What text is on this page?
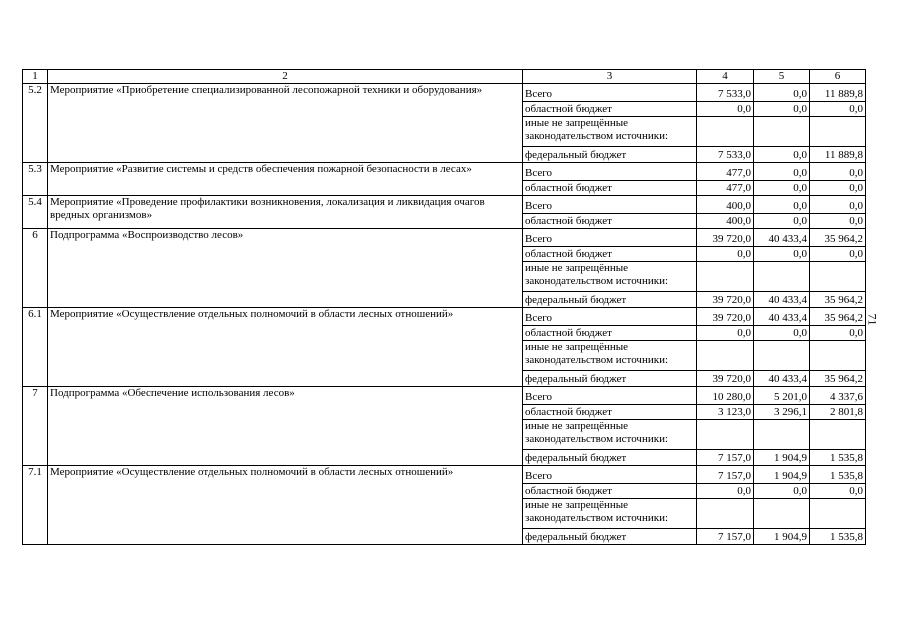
1	2	3	4	5	6
5.2	Мероприятие «Приобретение специализированной лесопожарной техники и оборудования»	Всего	7 533,0	0,0	11 889,8
		областной бюджет	0,0	0,0	0,0
		иные не запрещённые законодательством источники:			
		федеральный бюджет	7 533,0	0,0	11 889,8
5.3	Мероприятие «Развитие системы и средств обеспечения пожарной безопасности в лесах»	Всего	477,0	0,0	0,0
		областной бюджет	477,0	0,0	0,0
5.4	Мероприятие «Проведение профилактики возникновения, локализация и ликвидация очагов вредных организмов»	Всего	400,0	0,0	0,0
		областной бюджет	400,0	0,0	0,0
6	Подпрограмма «Воспроизводство лесов»	Всего	39 720,0	40 433,4	35 964,2
		областной бюджет	0,0	0,0	0,0
		иные не запрещённые законодательством источники:			
		федеральный бюджет	39 720,0	40 433,4	35 964,2
6.1	Мероприятие «Осуществление отдельных полномочий в области лесных отношений»	Всего	39 720,0	40 433,4	35 964,2
		областной бюджет	0,0	0,0	0,0
		иные не запрещённые законодательством источники:			
		федеральный бюджет	39 720,0	40 433,4	35 964,2
7	Подпрограмма «Обеспечение использования лесов»	Всего	10 280,0	5 201,0	4 337,6
		областной бюджет	3 123,0	3 296,1	2 801,8
		иные не запрещённые законодательством источники:			
		федеральный бюджет	7 157,0	1 904,9	1 535,8
7.1	Мероприятие «Осуществление отдельных полномочий в области лесных отношений»	Всего	7 157,0	1 904,9	1 535,8
		областной бюджет	0,0	0,0	0,0
		иные не запрещённые законодательством источники:			
		федеральный бюджет	7 157,0	1 904,9	1 535,8
71
